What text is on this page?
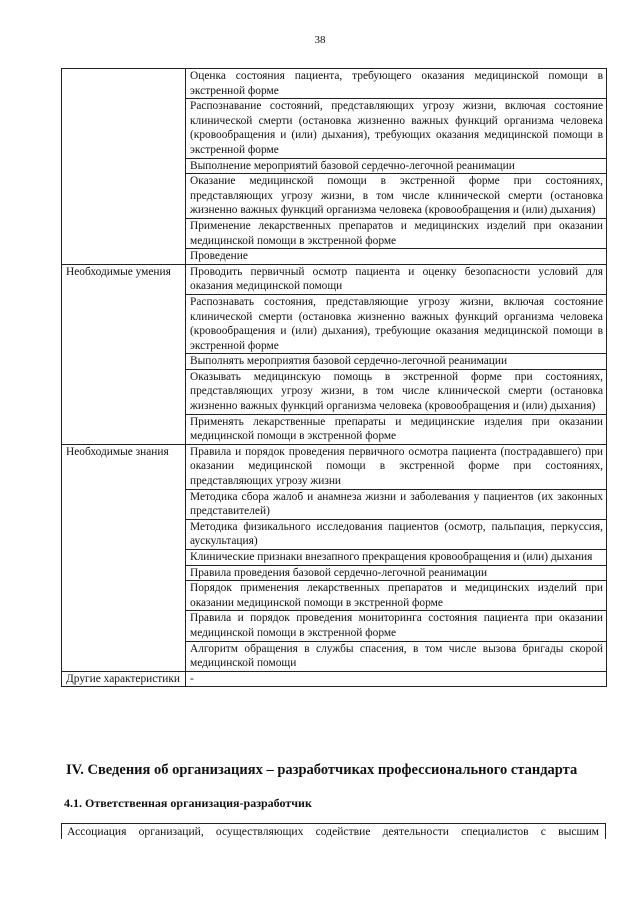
38
	Оценка состояния пациента, требующего оказания медицинской помощи в экстренной форме
	Распознавание состояний, представляющих угрозу жизни, включая состояние клинической смерти (остановка жизненно важных функций организма человека (кровообращения и (или) дыхания), требующих оказания медицинской помощи в экстренной форме
	Выполнение мероприятий базовой сердечно-легочной реанимации
	Оказание медицинской помощи в экстренной форме при состояниях, представляющих угрозу жизни, в том числе клинической смерти (остановка жизненно важных функций организма человека (кровообращения и (или) дыхания)
	Применение лекарственных препаратов и медицинских изделий при оказании медицинской помощи в экстренной форме
	Проведение
Необходимые умения	Проводить первичный осмотр пациента и оценку безопасности условий для оказания медицинской помощи
	Распознавать состояния, представляющие угрозу жизни, включая состояние клинической смерти (остановка жизненно важных функций организма человека (кровообращения и (или) дыхания), требующие оказания медицинской помощи в экстренной форме
	Выполнять мероприятия базовой сердечно-легочной реанимации
	Оказывать медицинскую помощь в экстренной форме при состояниях, представляющих угрозу жизни, в том числе клинической смерти (остановка жизненно важных функций организма человека (кровообращения и (или) дыхания)
	Применять лекарственные препараты и медицинские изделия при оказании медицинской помощи в экстренной форме
Необходимые знания	Правила и порядок проведения первичного осмотра пациента (пострадавшего) при оказании медицинской помощи в экстренной форме при состояниях, представляющих угрозу жизни
	Методика сбора жалоб и анамнеза жизни и заболевания у пациентов (их законных представителей)
	Методика физикального исследования пациентов (осмотр, пальпация, перкуссия, аускультация)
	Клинические признаки внезапного прекращения кровообращения и (или) дыхания
	Правила проведения базовой сердечно-легочной реанимации
	Порядок применения лекарственных препаратов и медицинских изделий при оказании медицинской помощи в экстренной форме
	Правила и порядок проведения мониторинга состояния пациента при оказании медицинской помощи в экстренной форме
	Алгоритм обращения в службы спасения, в том числе вызова бригады скорой медицинской помощи
Другие характеристики	-
IV. Сведения об организациях – разработчиках профессионального стандарта
4.1. Ответственная организация-разработчик
Ассоциация организаций, осуществляющих содействие деятельности специалистов с высшим
